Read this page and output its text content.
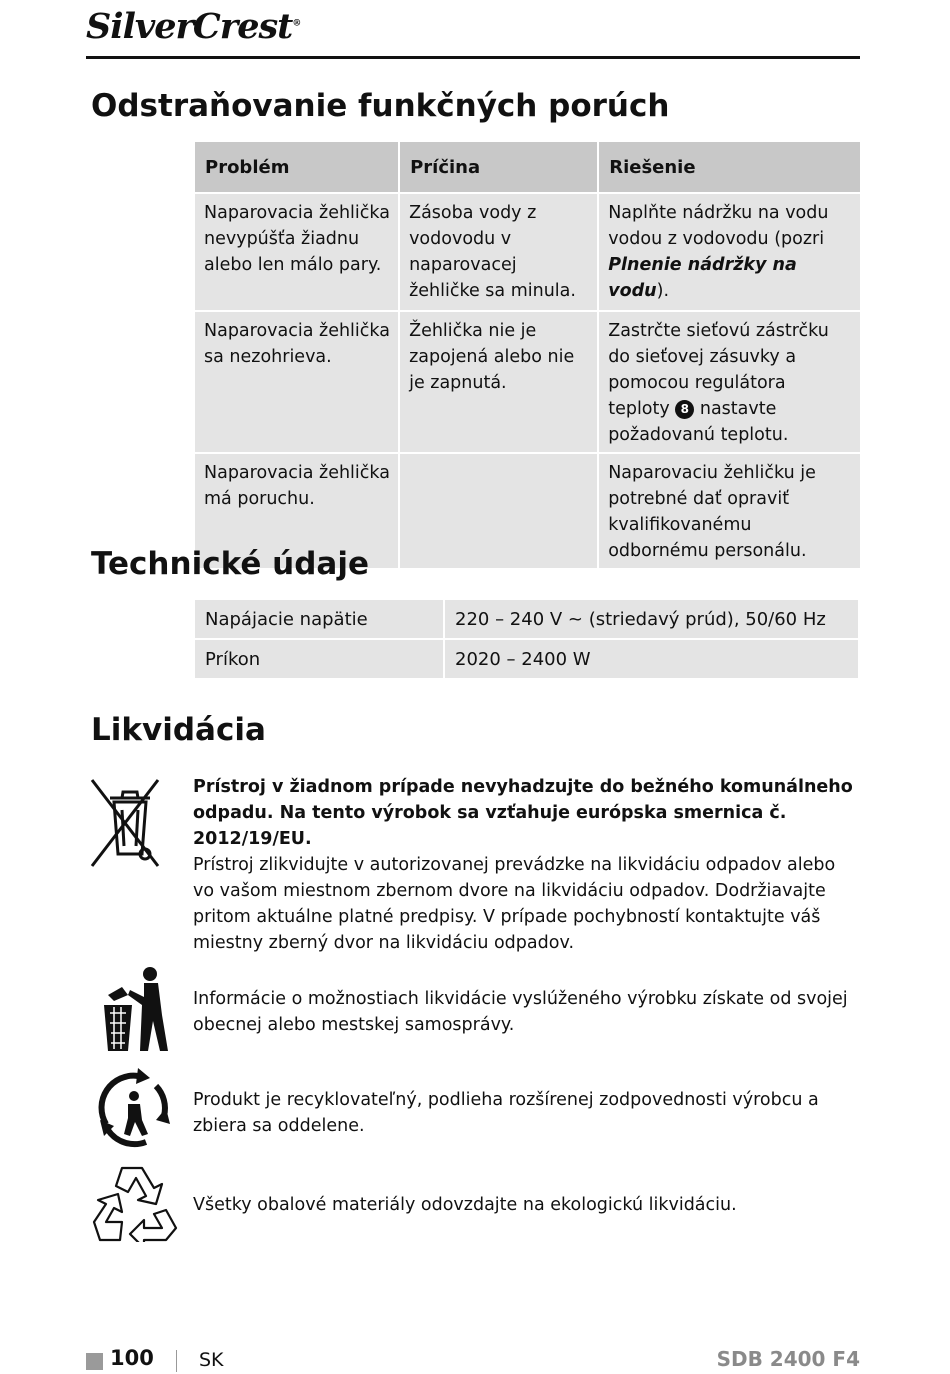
SilverCrest®
Odstraňovanie funkčných porúch
Problém	Príčina	Riešenie
Naparovacia žehlička nevypúšťa žiadnu alebo len málo pary.	Zásoba vody z vodovodu v naparovacej žehličke sa minula.	Naplňte nádržku na vodu vodou z vodovodu (pozri Plnenie nádržky na vodu).
Naparovacia žehlička sa nezohrieva.	Žehlička nie je zapojená alebo nie je zapnutá.	Zastrčte sieťovú zástrčku do sieťovej zásuvky a pomocou regulátora teploty 8 nastavte požadovanú teplotu.
Naparovacia žehlička má poruchu.		Naparovaciu žehličku je potrebné dať opraviť kvalifikovanému odbornému personálu.
Technické údaje
Napájacie napätie	220 – 240 V ~ (striedavý prúd), 50/60 Hz
Príkon	2020 – 2400 W
Likvidácia
Prístroj v žiadnom prípade nevyhadzujte do bežného komunálneho odpadu. Na tento výrobok sa vzťahuje európska smernica č. 2012/19/EU.
Prístroj zlikvidujte v autorizovanej prevádzke na likvidáciu odpadov alebo vo vašom miestnom zbernom dvore na likvidáciu odpadov. Dodržiavajte pritom aktuálne platné predpisy. V prípade pochybností kontaktujte váš miestny zberný dvor na likvidáciu odpadov.
Informácie o možnostiach likvidácie vyslúženého výrobku získate od svojej obecnej alebo mestskej samosprávy.
Produkt je recyklovateľný, podlieha rozšírenej zodpovednosti výrobcu a zbiera sa oddelene.
Všetky obalové materiály odovzdajte na ekologickú likvidáciu.
100 SK	SDB 2400 F4
